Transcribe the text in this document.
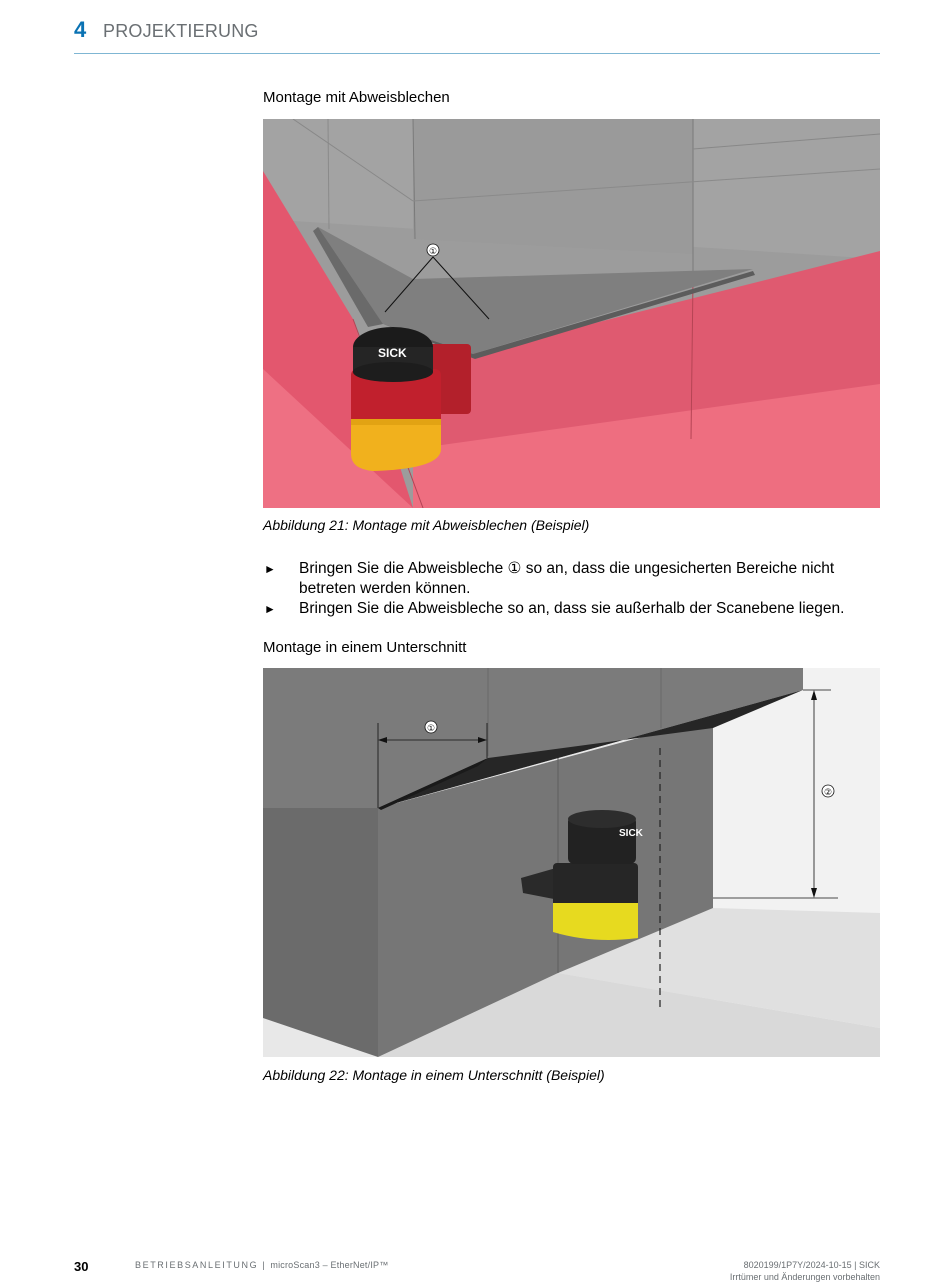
4 PROJEKTIERUNG
Montage mit Abweisblechen
①
SICK
Abbildung 21: Montage mit Abweisblechen (Beispiel)
► Bringen Sie die Abweisbleche ① so an, dass die ungesicherten Bereiche nicht betreten werden können.
► Bringen Sie die Abweisbleche so an, dass sie außerhalb der Scanebene liegen.
Montage in einem Unterschnitt
①
②
SICK
Abbildung 22: Montage in einem Unterschnitt (Beispiel)
30	BETRIEBSANLEITUNG | microScan3 – EtherNet/IP™	8020199/1P7Y/2024-10-15 | SICK
Irrtümer und Änderungen vorbehalten
